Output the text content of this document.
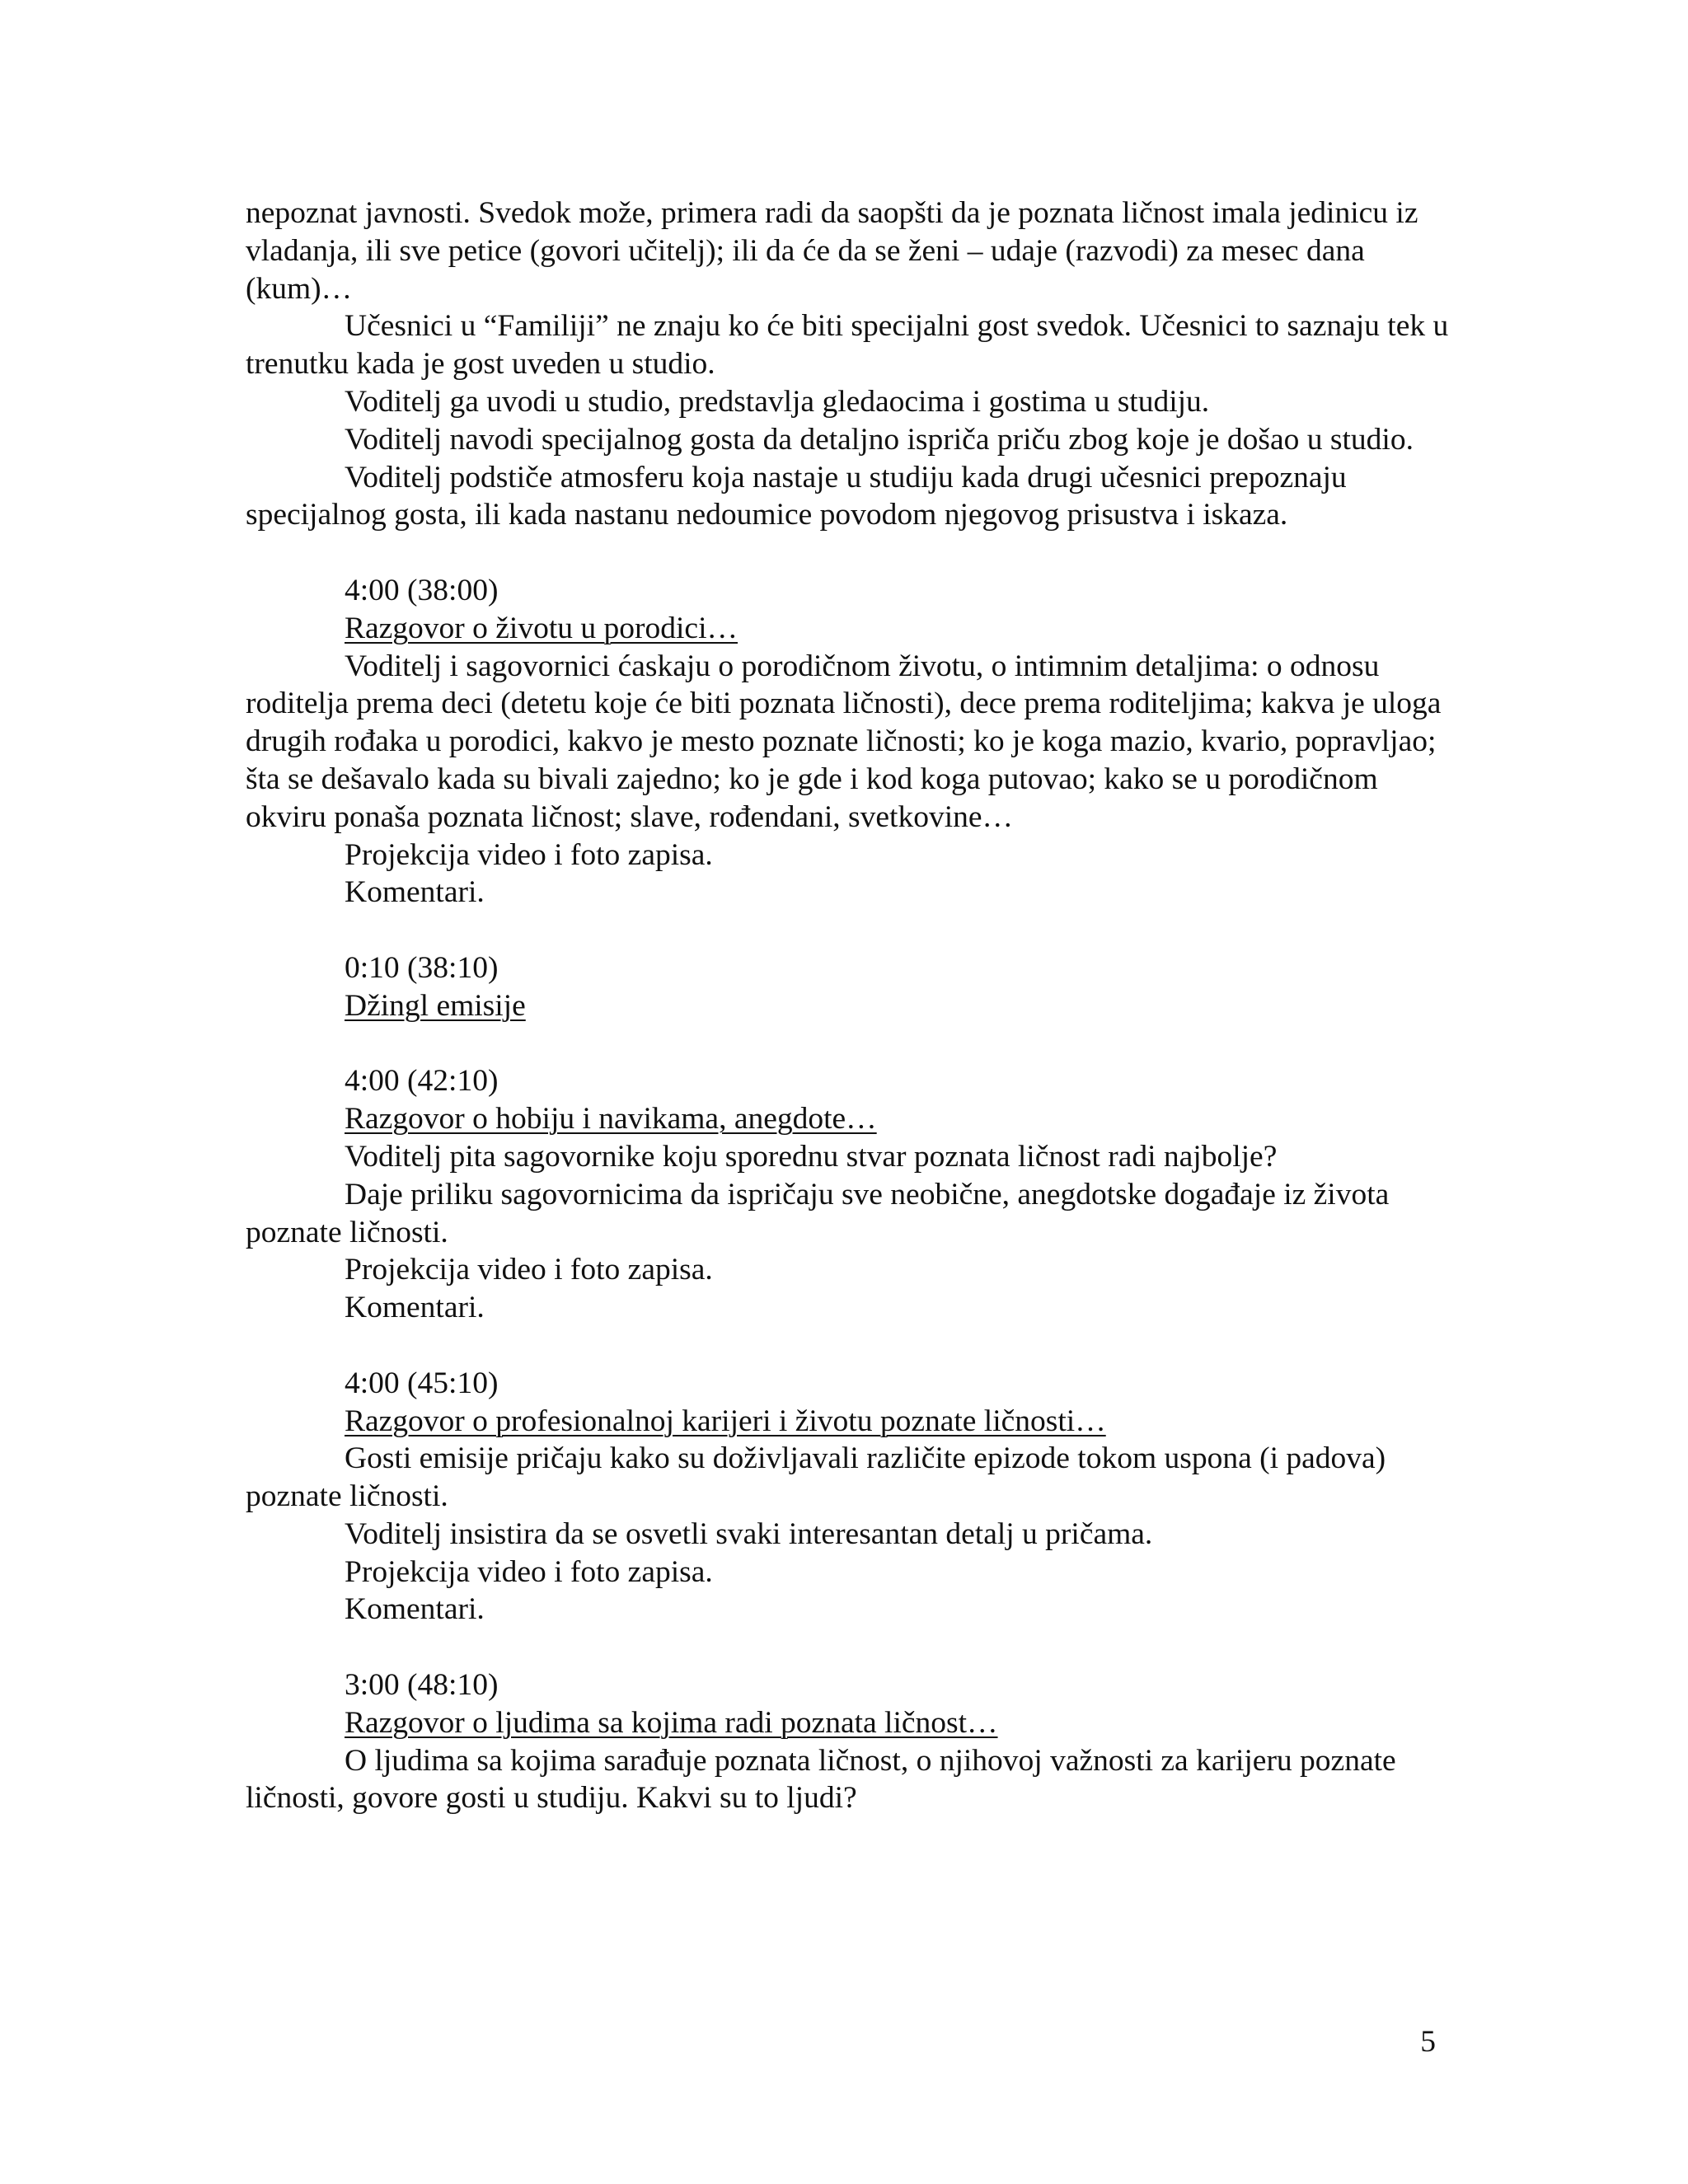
nepoznat javnosti. Svedok može, primera radi da saopšti da je poznata ličnost imala jedinicu iz vladanja, ili sve petice (govori učitelj); ili da će da se ženi – udaje (razvodi) za mesec dana (kum)…

Učesnici u “Familiji” ne znaju ko će biti specijalni gost svedok. Učesnici to saznaju tek u trenutku kada je gost uveden u studio.

Voditelj ga uvodi u studio, predstavlja gledaocima i gostima u studiju.

Voditelj navodi specijalnog gosta da detaljno ispriča priču zbog koje je došao u studio.

Voditelj podstiče atmosferu koja nastaje u studiju kada drugi učesnici prepoznaju specijalnog gosta, ili kada nastanu nedoumice povodom njegovog prisustva i iskaza.

4:00 (38:00)

Razgovor o životu u porodici…

Voditelj i sagovornici ćaskaju o porodičnom životu, o intimnim detaljima: o odnosu roditelja prema deci (detetu koje će biti poznata ličnosti), dece prema roditeljima; kakva je uloga drugih rođaka u porodici, kakvo je mesto poznate ličnosti; ko je koga mazio, kvario, popravljao; šta se dešavalo kada su bivali zajedno; ko je gde i kod koga putovao; kako se u porodičnom okviru ponaša poznata ličnost; slave, rođendani, svetkovine…

Projekcija video i foto zapisa.

Komentari.

0:10 (38:10)

Džingl emisije

4:00 (42:10)

Razgovor o hobiju i navikama, anegdote…

Voditelj pita sagovornike koju sporednu stvar poznata ličnost radi najbolje?

Daje priliku sagovornicima da ispričaju sve neobične, anegdotske događaje iz života poznate ličnosti.

Projekcija video i foto zapisa.

Komentari.

4:00 (45:10)

Razgovor o profesionalnoj karijeri i životu poznate ličnosti…

Gosti emisije pričaju kako su doživljavali različite epizode tokom uspona (i padova) poznate ličnosti.

Voditelj insistira da se osvetli svaki interesantan detalj u pričama.

Projekcija video i foto zapisa.

Komentari.

3:00 (48:10)

Razgovor o ljudima sa kojima radi poznata ličnost…

O ljudima sa kojima sarađuje poznata ličnost, o njihovoj važnosti za karijeru poznate ličnosti, govore gosti u studiju. Kakvi su to ljudi?

5
